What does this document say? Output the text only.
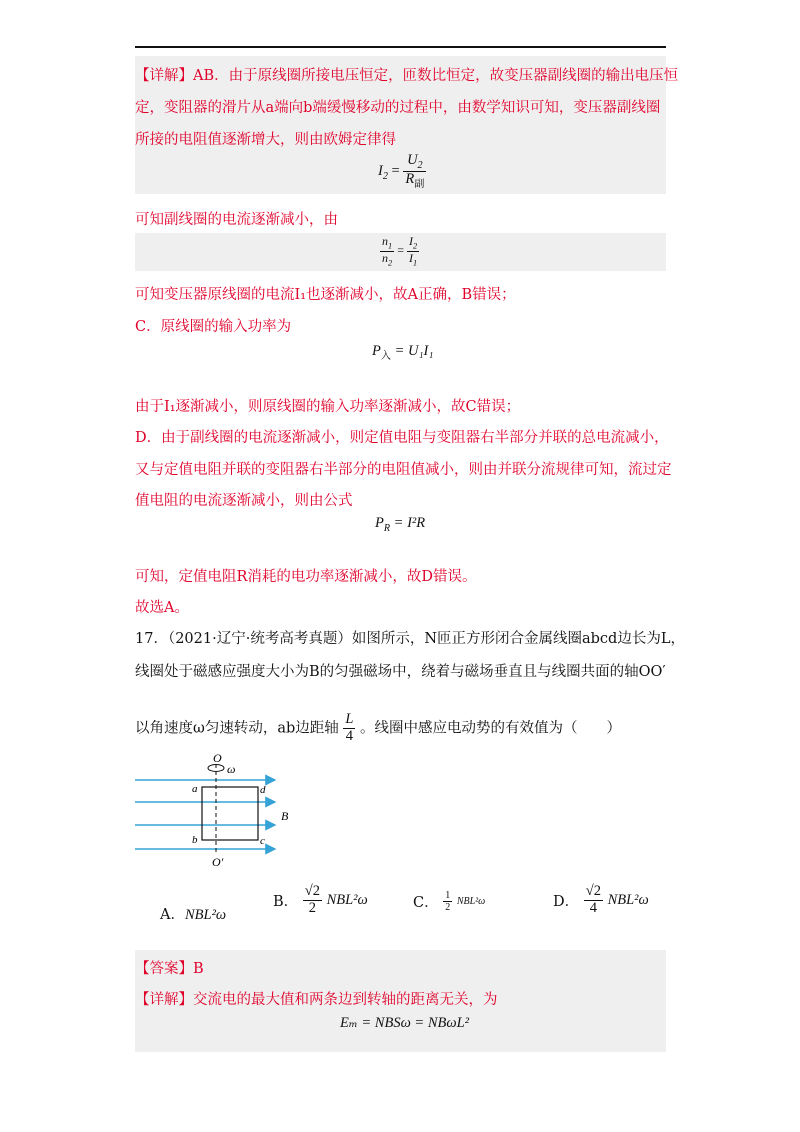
【详解】AB．由于原线圈所接电压恒定，匝数比恒定，故变压器副线圈的输出电压恒
定，变阻器的滑片从a端向b端缓慢移动的过程中，由数学知识可知，变压器副线圈
所接的电阻值逐渐增大，则由欧姆定律得
$I_2 = \frac{U_2}{R_副}$
可知副线圈的电流逐渐减小，由
$\frac{n_1}{n_2} = \frac{I_2}{I_1}$
可知变压器原线圈的电流I₁也逐渐减小，故A正确，B错误；
C．原线圈的输入功率为
$P_入 = U_1I_1$
由于I₁逐渐减小，则原线圈的输入功率逐渐减小，故C错误；
D．由于副线圈的电流逐渐减小，则定值电阻与变阻器右半部分并联的总电流减小，
又与定值电阻并联的变阻器右半部分的电阻值减小，则由并联分流规律可知，流过定
值电阻的电流逐渐减小，则由公式
$P_R = I^2R$
可知，定值电阻R消耗的电功率逐渐减小，故D错误。
故选A。
17．（2021·辽宁·统考高考真题）如图所示，N匝正方形闭合金属线圈abcd边长为L，
线圈处于磁感应强度大小为B的匀强磁场中，绕着与磁场垂直且与线圈共面的轴OO′
以角速度ω匀速转动，ab边距轴 $\frac{L}{4}$ 。线圈中感应电动势的有效值为（　　）
O
ω
a	d
b	c
B
O′
A．NBL²ω
B． $\frac{√2}{2} NBL^2\omega$	C． $\frac{1}{2} NBL^2\omega$	D． $\frac{√2}{4} NBL^2\omega$
【答案】B
【详解】交流电的最大值和两条边到转轴的距离无关，为
Eₘ = NBSω = NBωL²
